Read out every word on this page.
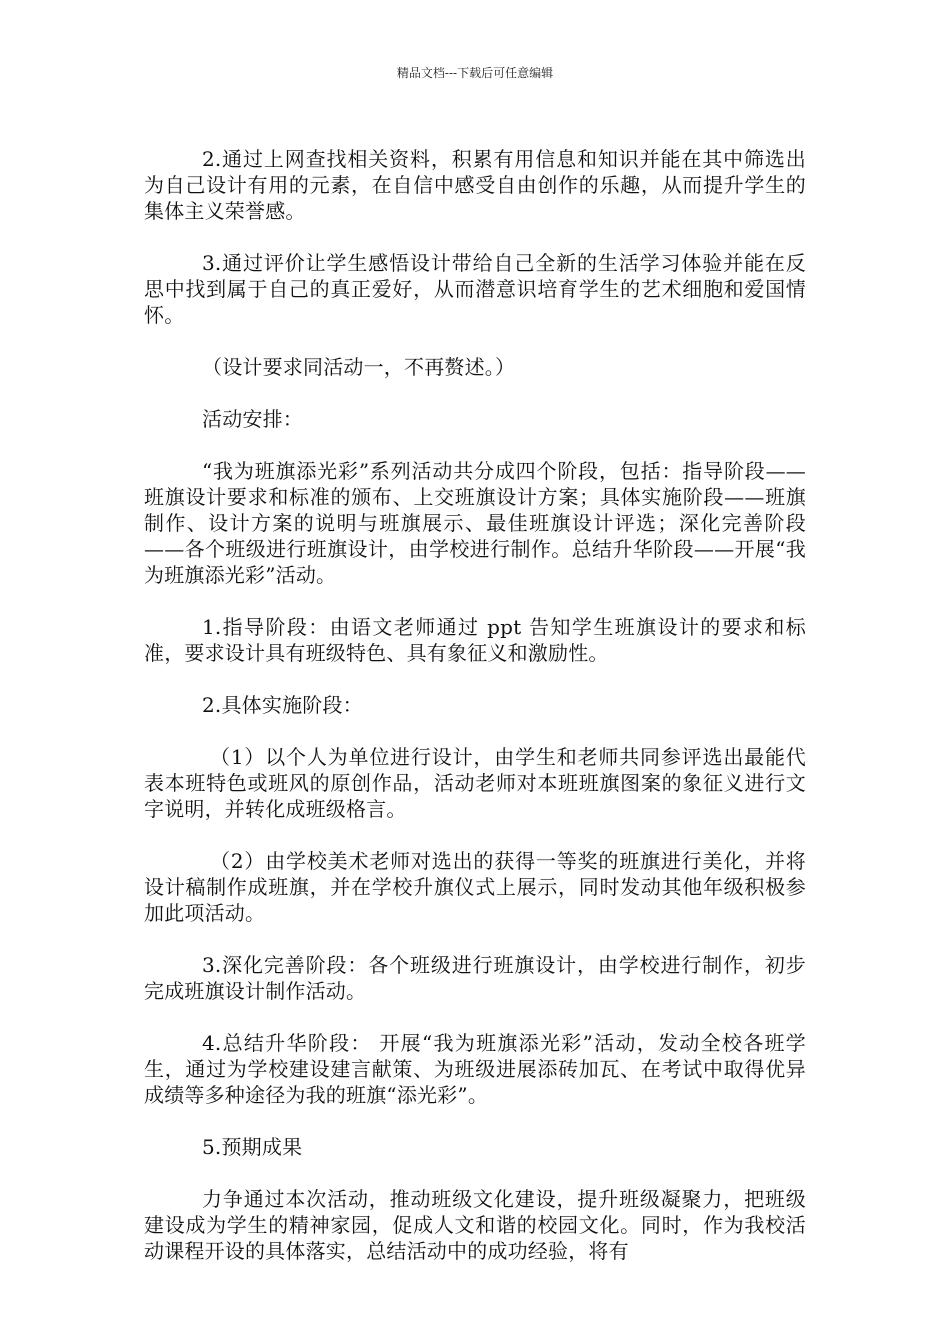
精品文档---下载后可任意编辑

2.通过上网查找相关资料，积累有用信息和知识并能在其中筛选出为自己设计有用的元素，在自信中感受自由创作的乐趣，从而提升学生的集体主义荣誉感。

3.通过评价让学生感悟设计带给自己全新的生活学习体验并能在反思中找到属于自己的真正爱好，从而潜意识培育学生的艺术细胞和爱国情怀。

（设计要求同活动一，不再赘述。）

活动安排：

“我为班旗添光彩”系列活动共分成四个阶段，包括：指导阶段——班旗设计要求和标准的颁布、上交班旗设计方案；具体实施阶段——班旗制作、设计方案的说明与班旗展示、最佳班旗设计评选；深化完善阶段——各个班级进行班旗设计，由学校进行制作。总结升华阶段——开展“我为班旗添光彩”活动。

1.指导阶段：由语文老师通过 ppt 告知学生班旗设计的要求和标准，要求设计具有班级特色、具有象征义和激励性。

2.具体实施阶段：

（1）以个人为单位进行设计，由学生和老师共同参评选出最能代表本班特色或班风的原创作品，活动老师对本班班旗图案的象征义进行文字说明，并转化成班级格言。

（2）由学校美术老师对选出的获得一等奖的班旗进行美化，并将设计稿制作成班旗，并在学校升旗仪式上展示，同时发动其他年级积极参加此项活动。

3.深化完善阶段：各个班级进行班旗设计，由学校进行制作，初步完成班旗设计制作活动。

4.总结升华阶段： 开展“我为班旗添光彩”活动，发动全校各班学生，通过为学校建设建言献策、为班级进展添砖加瓦、在考试中取得优异成绩等多种途径为我的班旗“添光彩”。

5.预期成果

力争通过本次活动，推动班级文化建设，提升班级凝聚力，把班级建设成为学生的精神家园，促成人文和谐的校园文化。同时，作为我校活动课程开设的具体落实，总结活动中的成功经验，将有
